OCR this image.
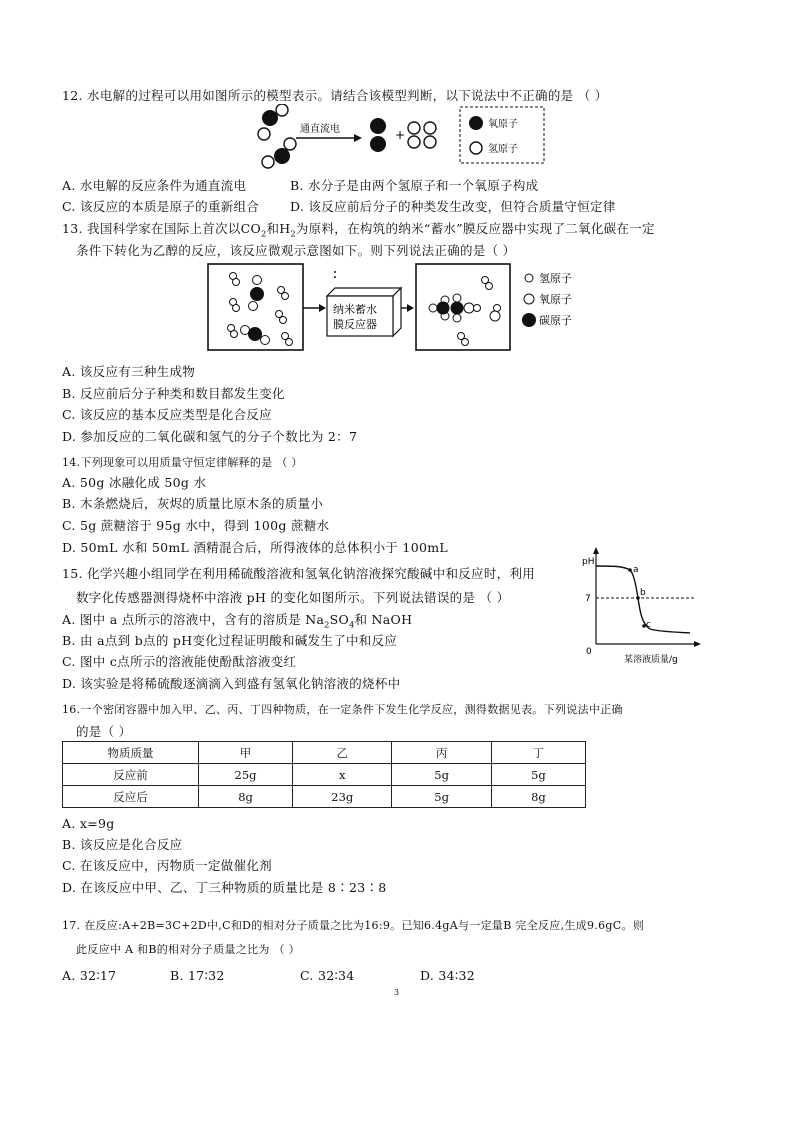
12. 水电解的过程可以用如图所示的模型表示。请结合该模型判断，以下说法中不正确的是 （ ）
通直流电	+
氧原子
氢原子
A. 水电解的反应条件为通直流电	B. 水分子是由两个氢原子和一个氧原子构成
C. 该反应的本质是原子的重新组合 D. 该反应前后分子的种类发生改变，但符合质量守恒定律
13. 我国科学家在国际上首次以$CO_2$和$H_2$为原料，在构筑的纳米“蓄水”膜反应器中实现了二氧化碳在一定
条件下转化为乙醇的反应，该反应微观示意图如下。则下列说法正确的是（ ）
纳米蓄水
膜反应器
氢原子
氧原子
碳原子
A. 该反应有三种生成物
B. 反应前后分子种类和数目都发生变化
C. 该反应的基本反应类型是化合反应
D. 参加反应的二氧化碳和氢气的分子个数比为 2：7
14.下列现象可以用质量守恒定律解释的是 （ ）
A. 50g 冰融化成 50g 水
B. 木条燃烧后，灰烬的质量比原木条的质量小
C. 5g 蔗糖溶于 95g 水中，得到 100g 蔗糖水
D. 50mL 水和 50mL 酒精混合后，所得液体的总体积小于 100mL
15. 化学兴趣小组同学在利用稀硫酸溶液和氢氧化钠溶液探究酸碱中和反应时，利用
数字化传感器测得烧杯中溶液 pH 的变化如图所示。下列说法错误的是 （ ）
A. 图中 a 点所示的溶液中，含有的溶质是 $Na_2SO_4$和 NaOH
B. 由 a点到 b点的 pH变化过程证明酸和碱发生了中和反应
C. 图中 c点所示的溶液能使酚酞溶液变红
D. 该实验是将稀硫酸逐滴滴入到盛有氢氧化钠溶液的烧杯中
pH
7
0
a
b
c
某溶液质量/g
16.一个密闭容器中加入甲、乙、丙、丁四种物质，在一定条件下发生化学反应，测得数据见表。下列说法中正确
的是（ ）
物质质量	甲	乙	丙	丁
反应前	25g	x	5g	5g
反应后	8g	23g	5g	8g
A. x=9g
B. 该反应是化合反应
C. 在该反应中，丙物质一定做催化剂
D. 在该反应中甲、乙、丁三种物质的质量比是 8∶23∶8
17. 在反应:A+2B=3C+2D中,C和D的相对分子质量之比为16:9。已知6.4gA与一定量B 完全反应,生成9.6gC。则
此反应中 A 和B的相对分子质量之比为 （ ）
A. 32∶17	B. 17∶32	C. 32∶34	D. 34∶32
3
